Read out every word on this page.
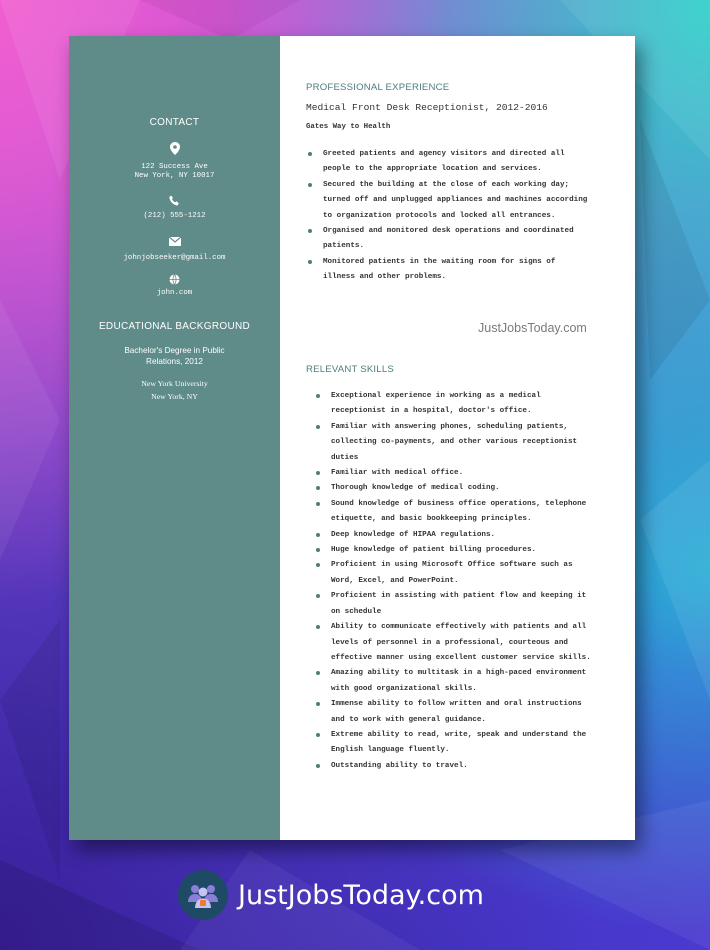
CONTACT
122 Success Ave
New York, NY 10017
(212) 555-1212
johnjobseeker@gmail.com
john.com
EDUCATIONAL BACKGROUND
Bachelor's Degree in Public Relations, 2012
New York University
New York, NY
PROFESSIONAL EXPERIENCE
Medical Front Desk Receptionist, 2012-2016
Gates Way to Health
Greeted patients and agency visitors and directed all people to the appropriate location and services.
Secured the building at the close of each working day; turned off and unplugged appliances and machines according to organization protocols and locked all entrances.
Organised and monitored desk operations and coordinated patients.
Monitored patients in the waiting room for signs of illness and other problems.
JustJobsToday.com
RELEVANT SKILLS
Exceptional experience in working as a medical receptionist in a hospital, doctor's office.
Familiar with answering phones, scheduling patients, collecting co-payments, and other various receptionist duties
Familiar with medical office.
Thorough knowledge of medical coding.
Sound knowledge of business office operations, telephone etiquette, and basic bookkeeping principles.
Deep knowledge of HIPAA regulations.
Huge knowledge of patient billing procedures.
Proficient in using Microsoft Office software such as Word, Excel, and PowerPoint.
Proficient in assisting with patient flow and keeping it on schedule
Ability to communicate effectively with patients and all levels of personnel in a professional, courteous and effective manner using excellent customer service skills.
Amazing ability to multitask in a high-paced environment with good organizational skills.
Immense ability to follow written and oral instructions and to work with general guidance.
Extreme ability to read, write, speak and understand the English language fluently.
Outstanding ability to travel.
JustJobsToday.com
